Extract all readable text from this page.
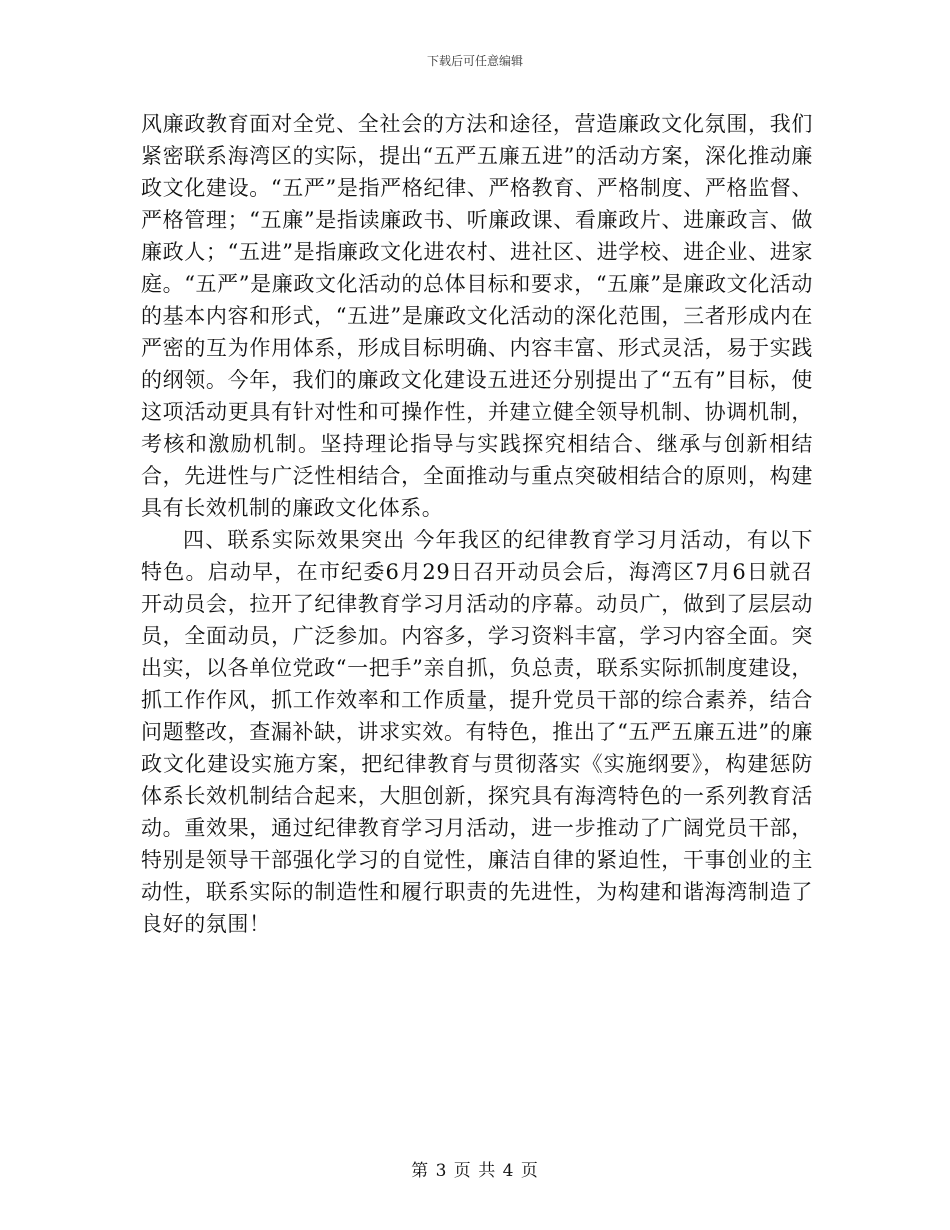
下载后可任意编辑

风廉政教育面对全党、全社会的方法和途径，营造廉政文化氛围，我们紧密联系海湾区的实际，提出“五严五廉五进”的活动方案，深化推动廉政文化建设。“五严”是指严格纪律、严格教育、严格制度、严格监督、严格管理；“五廉”是指读廉政书、听廉政课、看廉政片、进廉政言、做廉政人；“五进”是指廉政文化进农村、进社区、进学校、进企业、进家庭。“五严”是廉政文化活动的总体目标和要求，“五廉”是廉政文化活动的基本内容和形式，“五进”是廉政文化活动的深化范围，三者形成内在严密的互为作用体系，形成目标明确、内容丰富、形式灵活，易于实践的纲领。今年，我们的廉政文化建设五进还分别提出了“五有”目标，使这项活动更具有针对性和可操作性，并建立健全领导机制、协调机制，考核和激励机制。坚持理论指导与实践探究相结合、继承与创新相结合，先进性与广泛性相结合，全面推动与重点突破相结合的原则，构建具有长效机制的廉政文化体系。

四、联系实际效果突出 今年我区的纪律教育学习月活动，有以下特色。启动早，在市纪委6月29日召开动员会后，海湾区7月6日就召开动员会，拉开了纪律教育学习月活动的序幕。动员广，做到了层层动员，全面动员，广泛参加。内容多，学习资料丰富，学习内容全面。突出实，以各单位党政“一把手”亲自抓，负总责，联系实际抓制度建设，抓工作作风，抓工作效率和工作质量，提升党员干部的综合素养，结合问题整改，查漏补缺，讲求实效。有特色，推出了“五严五廉五进”的廉政文化建设实施方案，把纪律教育与贯彻落实《实施纲要》，构建惩防体系长效机制结合起来，大胆创新，探究具有海湾特色的一系列教育活动。重效果，通过纪律教育学习月活动，进一步推动了广阔党员干部，特别是领导干部强化学习的自觉性，廉洁自律的紧迫性，干事创业的主动性，联系实际的制造性和履行职责的先进性，为构建和谐海湾制造了良好的氛围！

第 3 页 共 4 页
